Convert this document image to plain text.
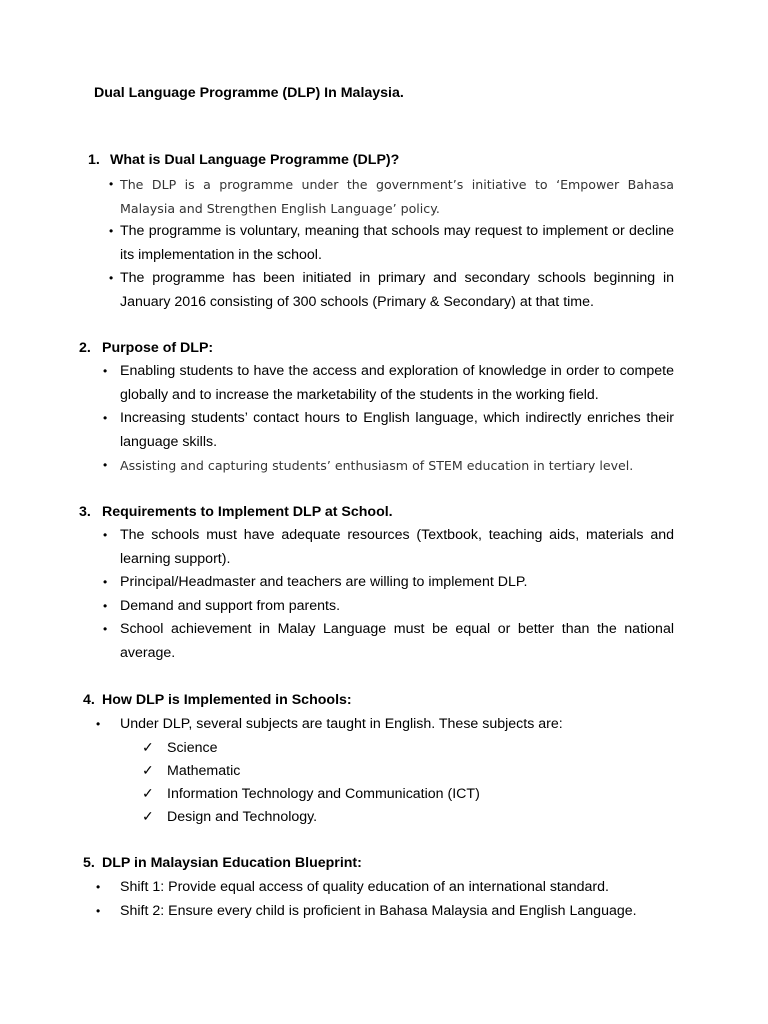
Dual Language Programme (DLP) In Malaysia.
1. What is Dual Language Programme (DLP)?
• The DLP is a programme under the government’s initiative to ‘Empower Bahasa Malaysia and Strengthen English Language’ policy.
• The programme is voluntary, meaning that schools may request to implement or decline its implementation in the school.
• The programme has been initiated in primary and secondary schools beginning in January 2016 consisting of 300 schools (Primary & Secondary) at that time.
2. Purpose of DLP:
• Enabling students to have the access and exploration of knowledge in order to compete globally and to increase the marketability of the students in the working field.
• Increasing students’ contact hours to English language, which indirectly enriches their language skills.
• Assisting and capturing students’ enthusiasm of STEM education in tertiary level.
3. Requirements to Implement DLP at School.
• The schools must have adequate resources (Textbook, teaching aids, materials and learning support).
• Principal/Headmaster and teachers are willing to implement DLP.
• Demand and support from parents.
• School achievement in Malay Language must be equal or better than the national average.
4. How DLP is Implemented in Schools:
• Under DLP, several subjects are taught in English. These subjects are:
✓ Science
✓ Mathematic
✓ Information Technology and Communication (ICT)
✓ Design and Technology.
5. DLP in Malaysian Education Blueprint:
• Shift 1: Provide equal access of quality education of an international standard.
• Shift 2: Ensure every child is proficient in Bahasa Malaysia and English Language.
